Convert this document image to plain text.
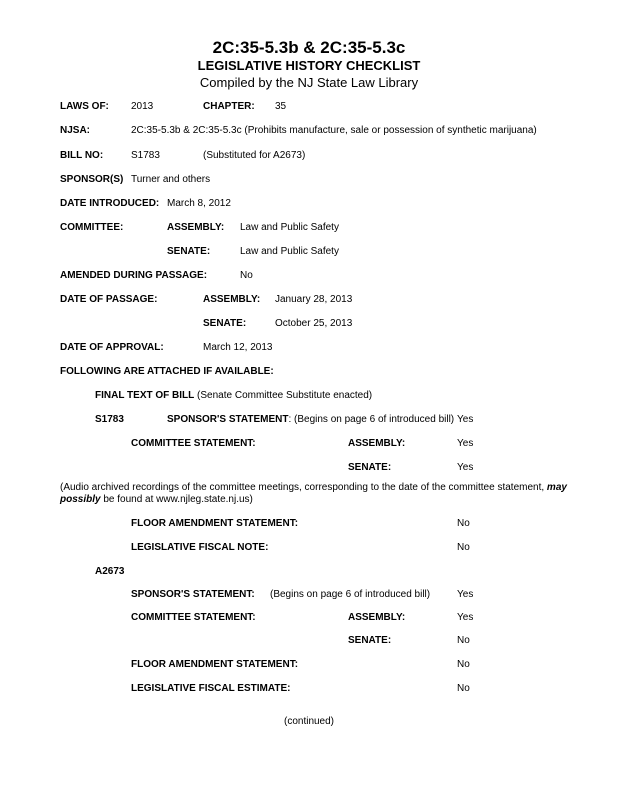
2C:35-5.3b & 2C:35-5.3c
LEGISLATIVE HISTORY CHECKLIST
Compiled by the NJ State Law Library
LAWS OF: 2013	CHAPTER: 35
NJSA:	2C:35-5.3b & 2C:35-5.3c (Prohibits manufacture, sale or possession of synthetic marijuana)
BILL NO:	S1783	(Substituted for A2673)
SPONSOR(S) Turner and others
DATE INTRODUCED: March 8, 2012
COMMITTEE:	ASSEMBLY: Law and Public Safety
SENATE:	Law and Public Safety
AMENDED DURING PASSAGE:	No
DATE OF PASSAGE:	ASSEMBLY: January 28, 2013
SENATE:	October 25, 2013
DATE OF APPROVAL:	March 12, 2013
FOLLOWING ARE ATTACHED IF AVAILABLE:
FINAL TEXT OF BILL (Senate Committee Substitute enacted)
S1783	SPONSOR'S STATEMENT: (Begins on page 6 of introduced bill) Yes
COMMITTEE STATEMENT:	ASSEMBLY:	Yes
SENATE:	Yes
(Audio archived recordings of the committee meetings, corresponding to the date of the committee statement, may possibly be found at www.njleg.state.nj.us)
FLOOR AMENDMENT STATEMENT:	No
LEGISLATIVE FISCAL NOTE:	No
A2673
SPONSOR'S STATEMENT: (Begins on page 6 of introduced bill)	Yes
COMMITTEE STATEMENT:	ASSEMBLY:	Yes
SENATE:	No
FLOOR AMENDMENT STATEMENT:	No
LEGISLATIVE FISCAL ESTIMATE:	No
(continued)
